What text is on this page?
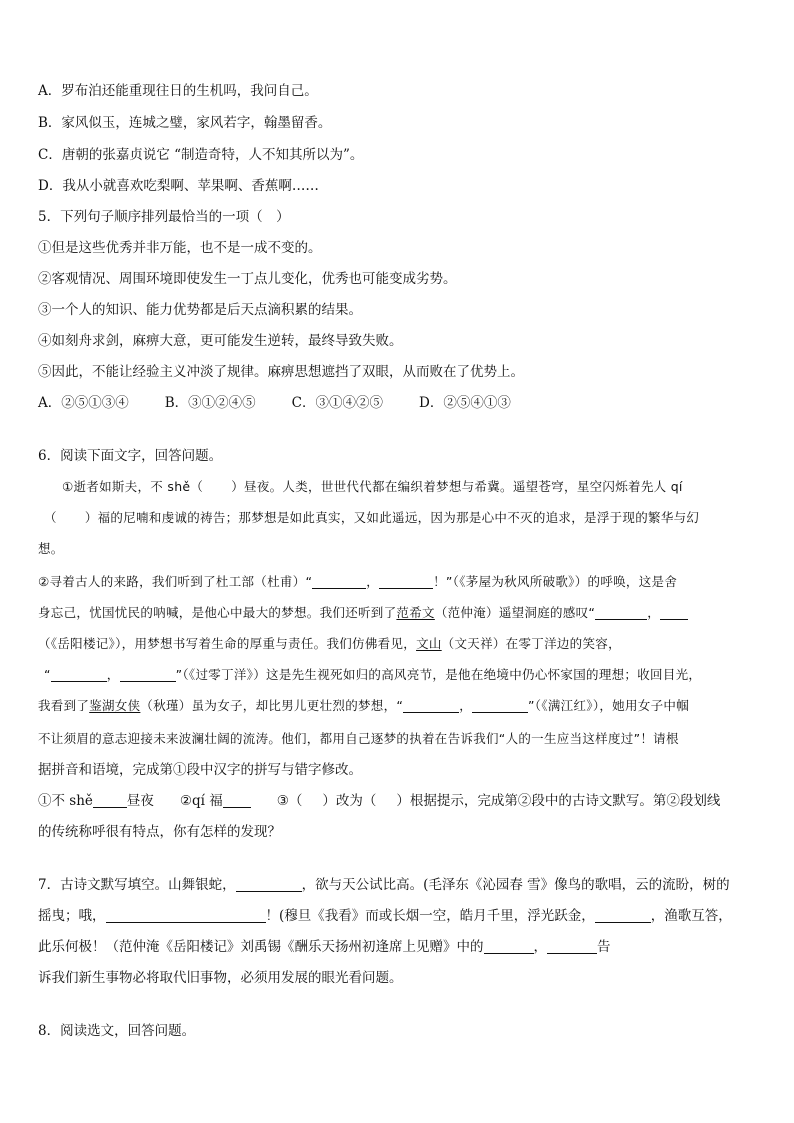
A．罗布泊还能重现往日的生机吗，我问自己。
B．家风似玉，连城之璧，家风若字，翰墨留香。
C．唐朝的张嘉贞说它 “制造奇特，人不知其所以为”。
D．我从小就喜欢吃梨啊、苹果啊、香蕉啊……
5．下列句子顺序排列最恰当的一项（　）
①但是这些优秀并非万能，也不是一成不变的。
②客观情况、周围环境即使发生一丁点儿变化，优秀也可能变成劣势。
③一个人的知识、能力优势都是后天点滴积累的结果。
④如刻舟求剑，麻痹大意，更可能发生逆转，最终导致失败。
⑤因此，不能让经验主义冲淡了规律。麻痹思想遮挡了双眼，从而败在了优势上。
A．②⑤①③④	B．③①②④⑤	C．③①④②⑤	D．②⑤④①③
6．阅读下面文字，回答问题。
①逝者如斯夫，不 shě（ ）昼夜。人类，世世代代都在编织着梦想与希冀。遥望苍穹，星空闪烁着先人 qí
（ ）福的尼喃和虔诚的祷告；那梦想是如此真实，又如此遥远，因为那是心中不灭的追求，是浮于现的繁华与幻
想。
②寻着古人的来路，我们听到了杜工部（杜甫）“	，	！”（《茅屋为秋风所破歌》）的呼唤，这是舍
身忘己，忧国忧民的呐喊，是他心中最大的梦想。我们还听到了范希文（范仲淹）遥望洞庭的感叹“	，
（《岳阳楼记》），用梦想书写着生命的厚重与责任。我们仿佛看见，文山（文天祥）在零丁洋边的笑容，
“	，	”（《过零丁洋》）这是先生视死如归的高风亮节，是他在绝境中仍心怀家国的理想；收回目光，
我看到了鉴湖女侠（秋瑾）虽为女子，却比男儿更壮烈的梦想，“	，	”（《满江红》），她用女子中帼
不让须眉的意志迎接未来波澜壮阔的流涛。他们，都用自己逐梦的执着在告诉我们“人的一生应当这样度过”！请根
据拼音和语境，完成第①段中汉字的拼写与错字修改。
①不 shě	昼夜 ②qí 福	③（ ）改为（ ）根据提示，完成第②段中的古诗文默写。第②段划线
的传统称呼很有特点，你有怎样的发现？
7．古诗文默写填空。山舞银蛇，	，欲与天公试比高。(毛泽东《沁园春 雪》像鸟的歌唱，云的流盼，树的
摇曳；哦，	！(穆旦《我看》而或长烟一空，皓月千里，浮光跃金，	，渔歌互答，
此乐何极！（范仲淹《岳阳楼记》刘禹锡《酬乐天扬州初逢席上见赠》中的	，	告
诉我们新生事物必将取代旧事物，必须用发展的眼光看问题。
8．阅读选文，回答问题。
